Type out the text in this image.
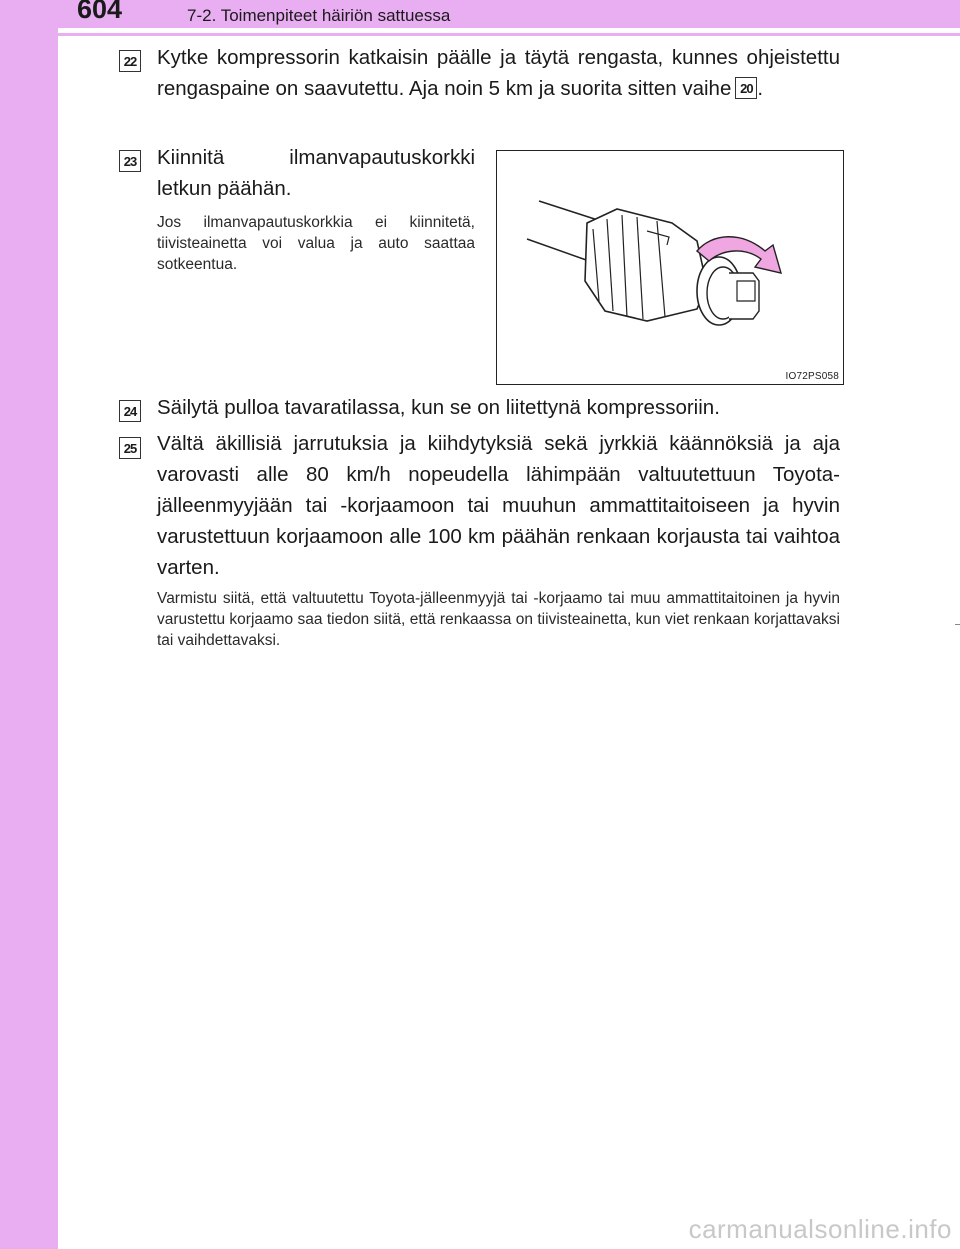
604	7-2. Toimenpiteet häiriön sattuessa
22 Kytke kompressorin katkaisin päälle ja täytä rengasta, kunnes ohjeistettu rengaspaine on saavutettu. Aja noin 5 km ja suorita sitten vaihe 20 .

23 Kiinnitä ilmanvapautuskorkki letkun päähän.

Jos ilmanvapautuskorkkia ei kiinnitetä, tiivisteainetta voi valua ja auto saattaa sotkeentua.

IO72PS058
24 Säilytä pulloa tavaratilassa, kun se on liitettynä kompressoriin.

25 Vältä äkillisiä jarrutuksia ja kiihdytyksiä sekä jyrkkiä käännöksiä ja aja varovasti alle 80 km/h nopeudella lähimpään valtuutettuun Toyota-jälleenmyyjään tai -korjaamoon tai muuhun ammattitaitoiseen ja hyvin varustettuun korjaamoon alle 100 km päähän renkaan korjausta tai vaihtoa varten.

Varmistu siitä, että valtuutettu Toyota-jälleenmyyjä tai -korjaamo tai muu ammattitaitoinen ja hyvin varustettu korjaamo saa tiedon siitä, että renkaassa on tiivisteainetta, kun viet renkaan korjattavaksi tai vaihdettavaksi.

carmanualsonline.info
